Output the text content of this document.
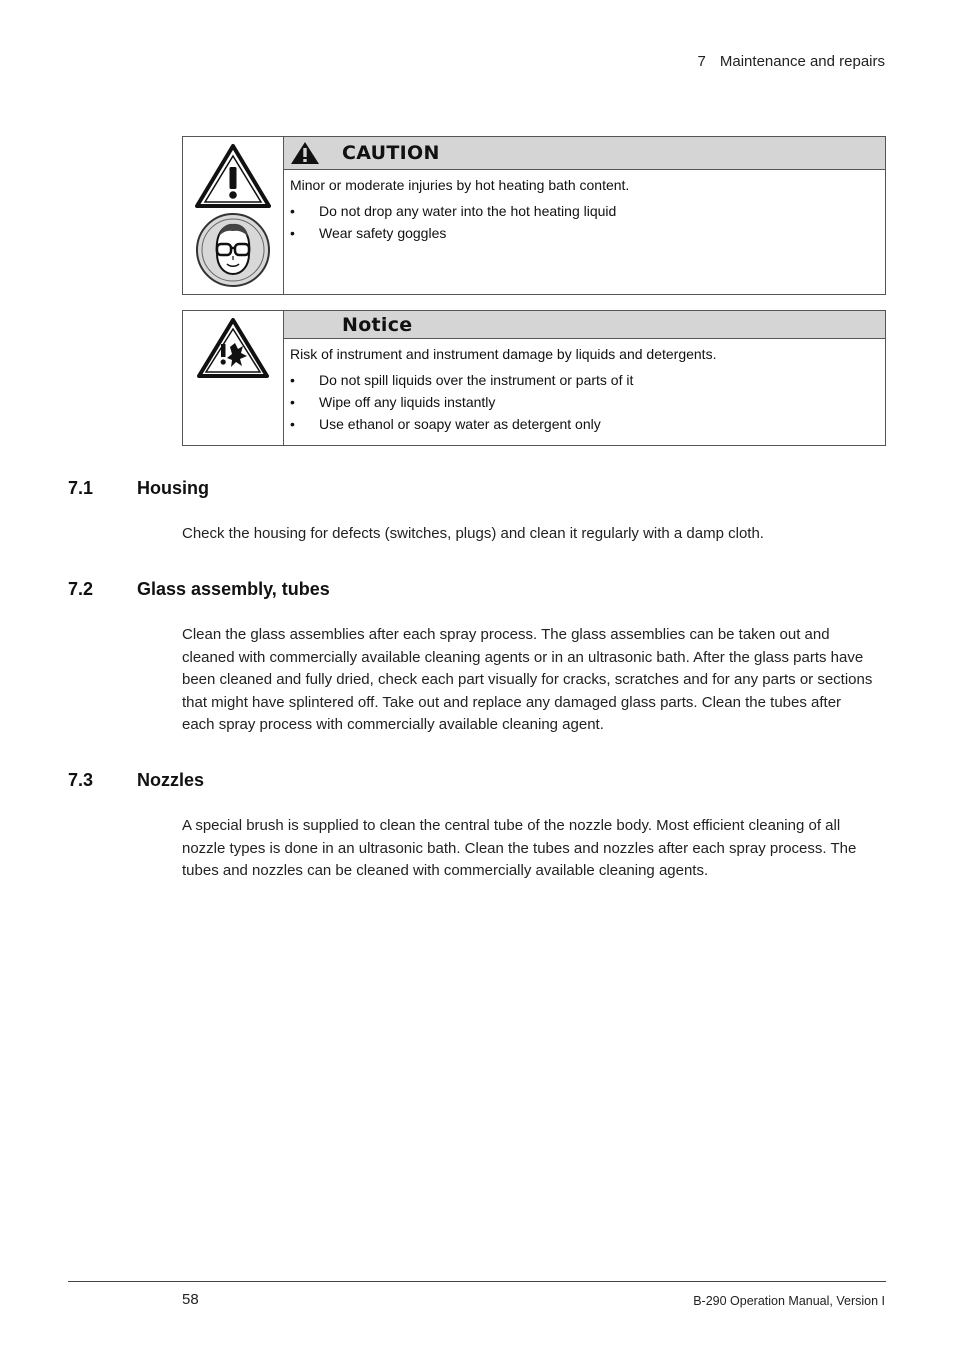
7 Maintenance and repairs
CAUTION
Minor or moderate injuries by hot heating bath content.
•	Do not drop any water into the hot heating liquid
•	Wear safety goggles
Notice
Risk of instrument and instrument damage by liquids and detergents.
•	Do not spill liquids over the instrument or parts of it
•	Wipe off any liquids instantly
•	Use ethanol or soapy water as detergent only
7.1 Housing
Check the housing for defects (switches, plugs) and clean it regularly with a damp cloth.
7.2 Glass assembly, tubes
Clean the glass assemblies after each spray process. The glass assemblies can be taken out and cleaned with commercially available cleaning agents or in an ultrasonic bath. After the glass parts have been cleaned and fully dried, check each part visually for cracks, scratches and for any parts or sections that might have splintered off. Take out and replace any damaged glass parts. Clean the tubes after each spray process with commercially available cleaning agent.
7.3 Nozzles
A special brush is supplied to clean the central tube of the nozzle body. Most efficient cleaning of all nozzle types is done in an ultrasonic bath. Clean the tubes and nozzles after each spray process. The tubes and nozzles can be cleaned with commercially available cleaning agents.
58	B-290 Operation Manual, Version I
